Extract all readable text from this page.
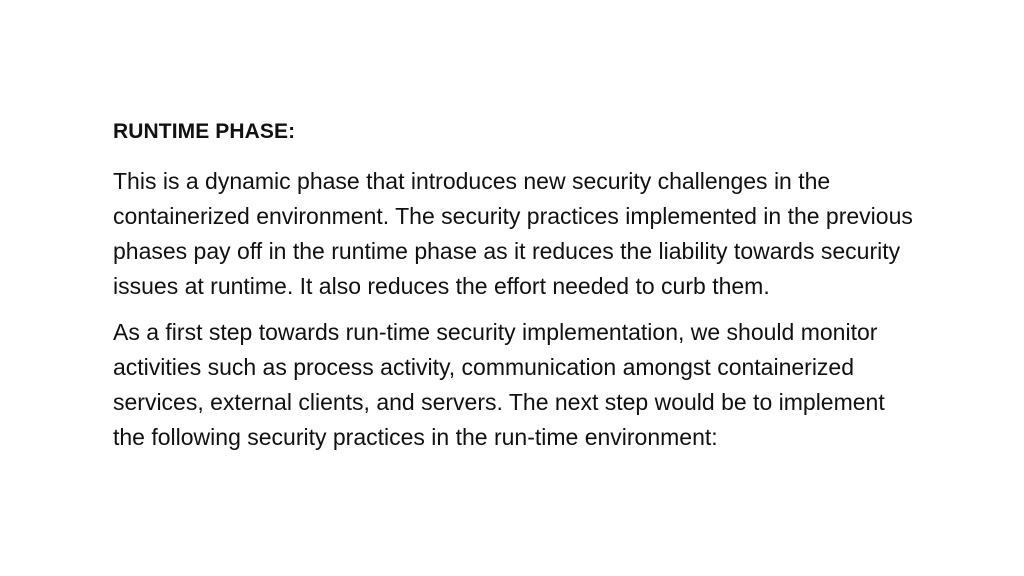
RUNTIME PHASE:

This is a dynamic phase that introduces new security challenges in the
containerized environment. The security practices implemented in the previous
phases pay off in the runtime phase as it reduces the liability towards security
issues at runtime. It also reduces the effort needed to curb them.

As a first step towards run-time security implementation, we should monitor
activities such as process activity, communication amongst containerized
services, external clients, and servers. The next step would be to implement
the following security practices in the run-time environment:
